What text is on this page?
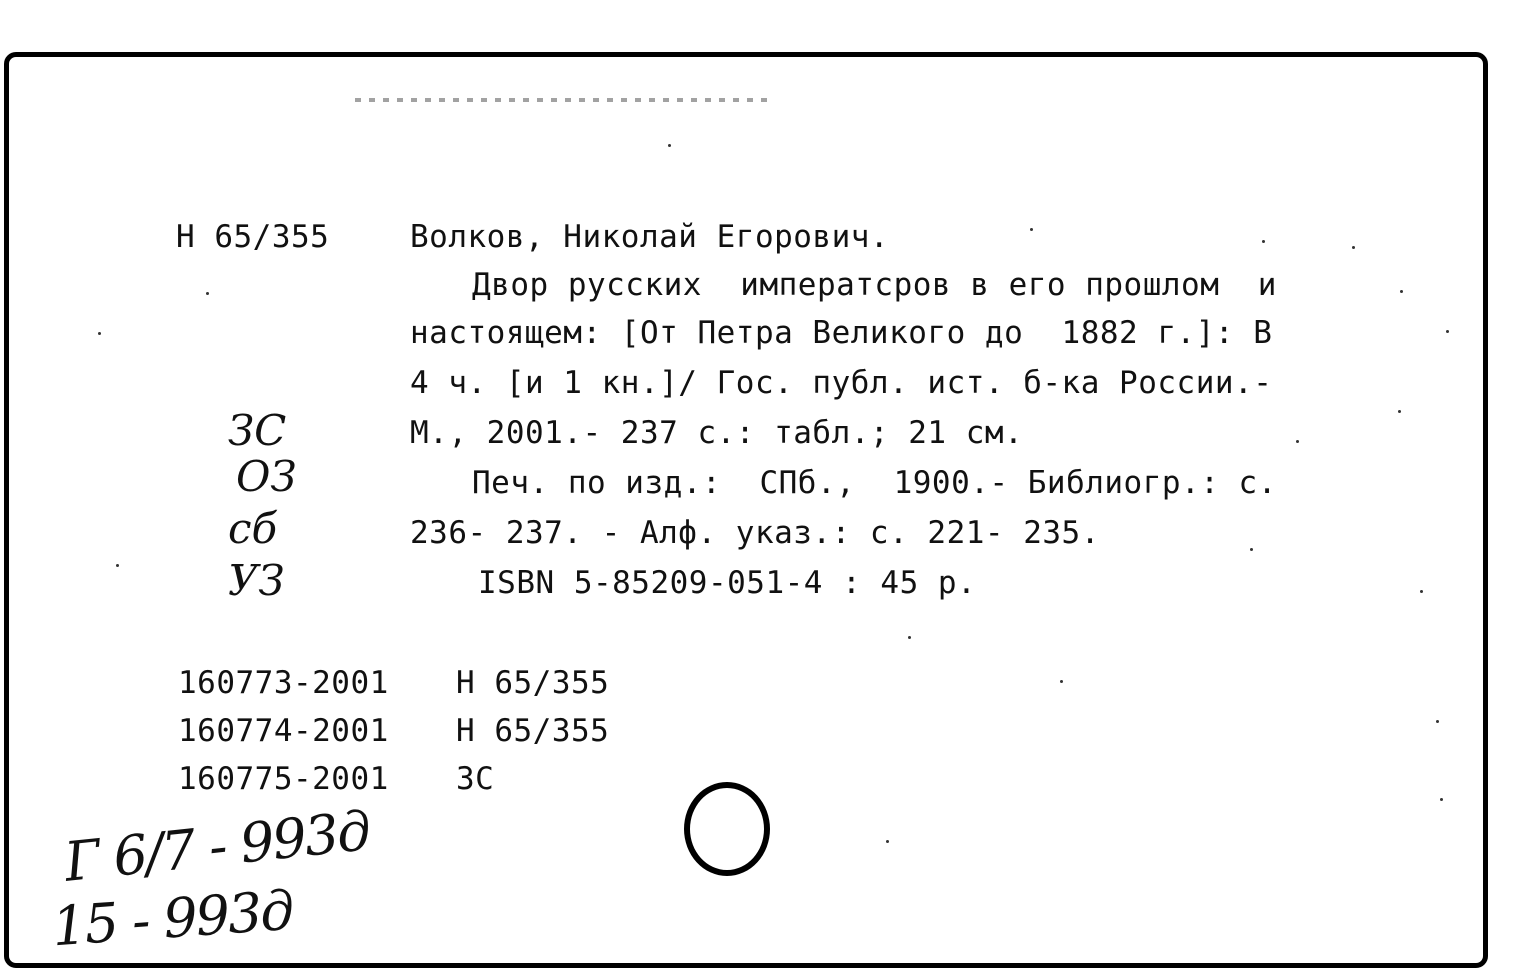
Н 65/355	Волков, Николай Егорович.
Двор русских  императсров в его прошлом  и
настоящем: [От Петра Великого до  1882 г.]: В
4 ч. [и 1 кн.]/ Гос. публ. ист. б-ка России.-
М., 2001.- 237 с.: табл.; 21 см.
Печ. по изд.:  СПб.,  1900.- Библиогр.: с.
236- 237. - Алф. указ.: с. 221- 235.
ISBN 5-85209-051-4 : 45 р.
ЗС
ОЗ
сб
УЗ
160773-2001 Н 65/355
160774-2001 Н 65/355
160775-2001 ЗС
Г 6/7 - 993д
15 - 993д
